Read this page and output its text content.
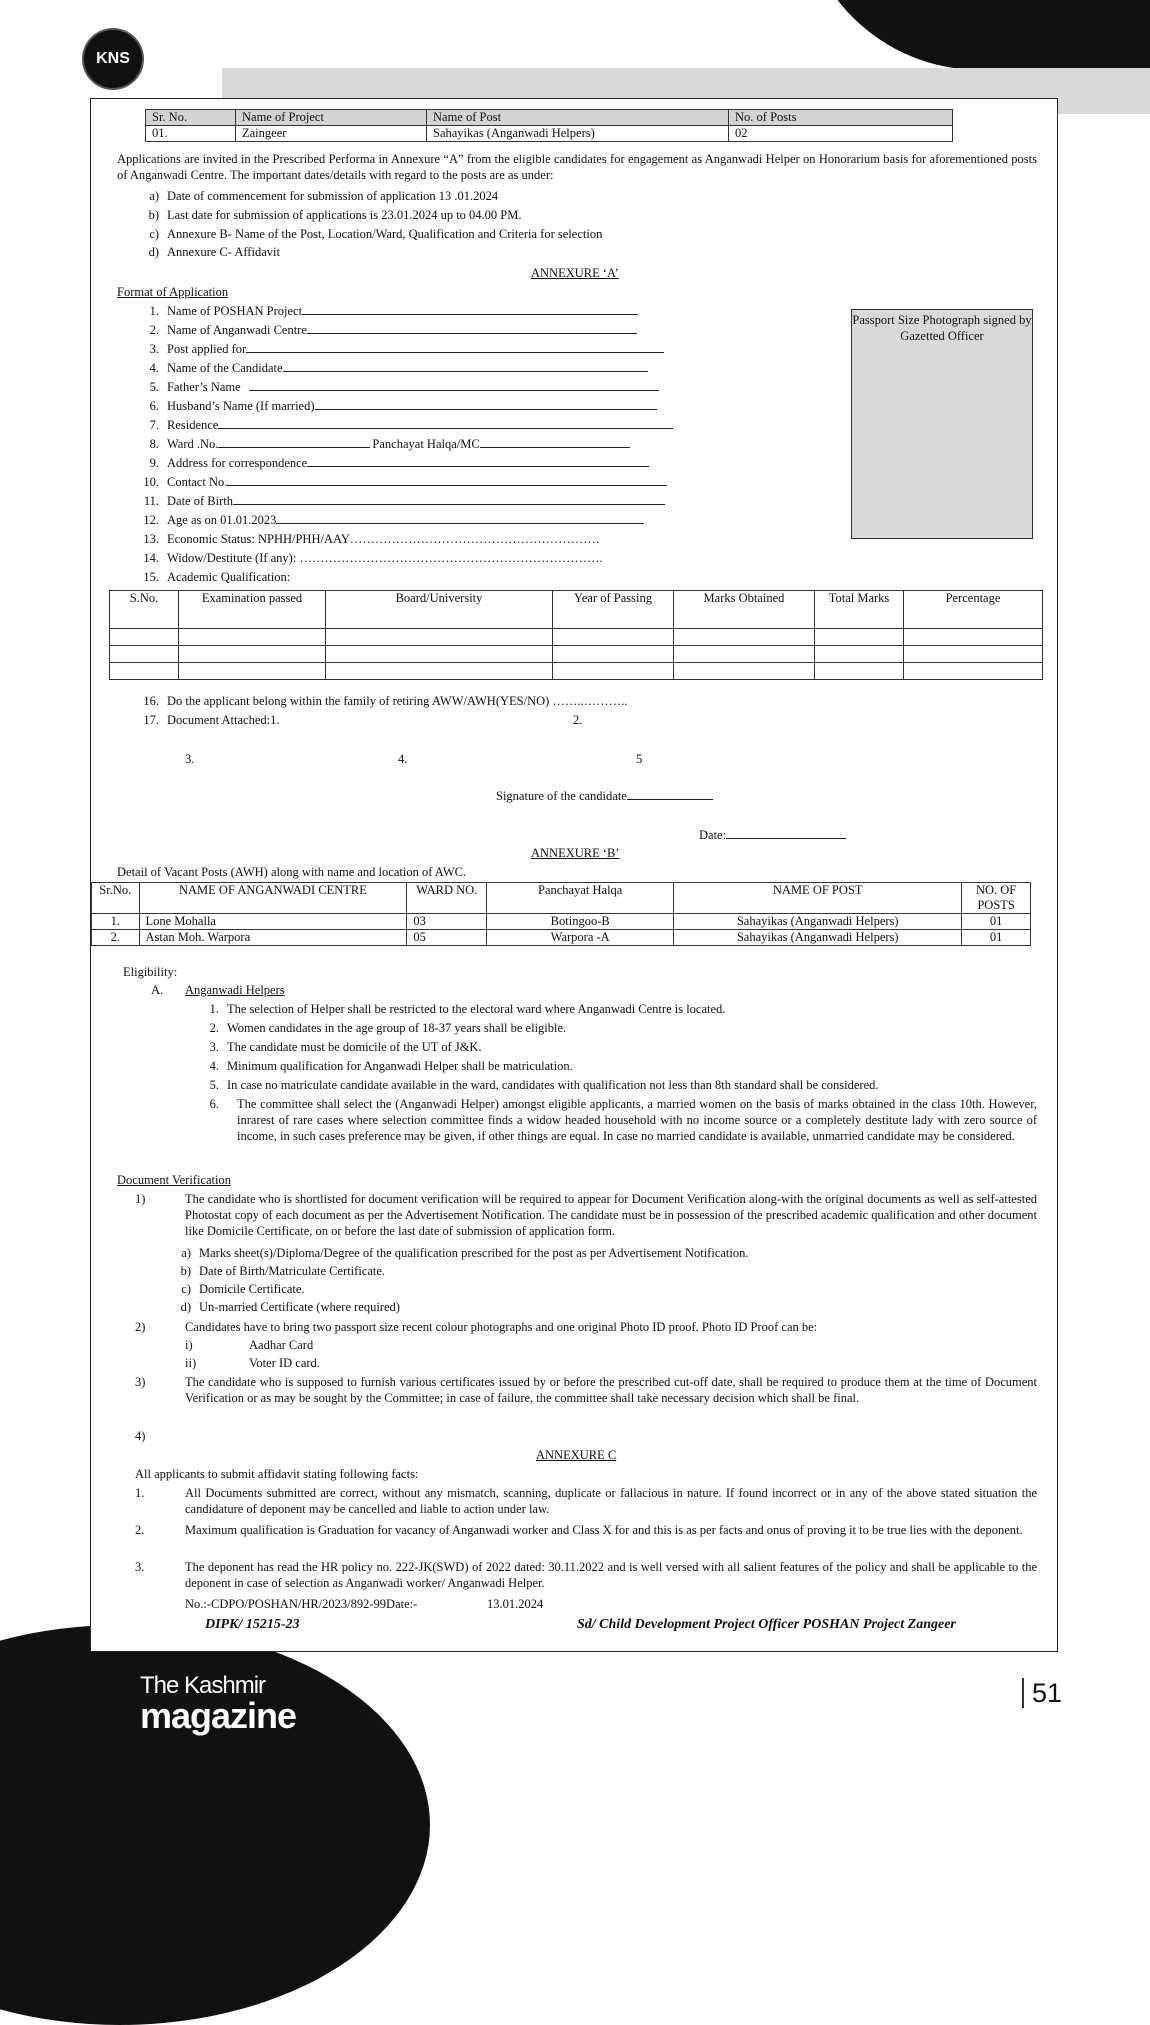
KNS
The Kashmir
magazine
51
Sr. No.	Name of Project	Name of Post	No. of Posts
01.	Zaingeer	Sahayikas (Anganwadi Helpers)	02
Applications are invited in the Prescribed Performa in Annexure “A” from the eligible candidates for engagement as Anganwadi Helper on Honorarium basis for aforementioned posts of Anganwadi Centre. The important dates/details with regard to the posts are as under:
a) Date of commencement for submission of application 13 .01.2024
b) Last date for submission of applications is 23.01.2024 up to 04.00 PM.
c) Annexure B- Name of the Post, Location/Ward, Qualification and Criteria for selection
d) Annexure C- Affidavit
ANNEXURE ‘A’
Format of Application
Passport Size Photograph signed by Gazetted Officer
1. Name of POSHAN Project
2. Name of Anganwadi Centre
3. Post applied for
4. Name of the Candidate
5. Father’s Name
6. Husband’s Name (If married)
7. Residence
8. Ward .No.	Panchayat Halqa/MC
9. Address for correspondence
10. Contact No.
11. Date of Birth
12. Age as on 01.01.2023
13. Economic Status: NPHH/PHH/AAY……………………………………………………
14. Widow/Destitute (If any): ……………………………………………………………….
15. Academic Qualification:
S.No.	Examination passed	Board/University	Year of Passing	Marks Obtained	Total Marks	Percentage

16. Do the applicant belong within the family of retiring AWW/AWH(YES/NO) ……..………..
17. Document Attached:1.	2.
3.	4.	5
Signature of the candidate
Date:
ANNEXURE ‘B’
Detail of Vacant Posts (AWH) along with name and location of AWC.
Sr.No.	NAME OF ANGANWADI CENTRE	WARD NO.	Panchayat Halqa	NAME OF POST	NO. OF POSTS
1.	Lone Mohalla	03	Botingoo-B	Sahayikas (Anganwadi Helpers)	01
2.	Astan Moh. Warpora	05	Warpora -A	Sahayikas (Anganwadi Helpers)	01
Eligibility:
A. Anganwadi Helpers
1. The selection of Helper shall be restricted to the electoral ward where Anganwadi Centre is located.
2. Women candidates in the age group of 18-37 years shall be eligible.
3. The candidate must be domicile of the UT of J&K.
4. Minimum qualification for Anganwadi Helper shall be matriculation.
5. In case no matriculate candidate available in the ward, candidates with qualification not less than 8th standard shall be considered.
6.	The committee shall select the (Anganwadi Helper) amongst eligible applicants, a married women on the basis of marks obtained in the class 10th. However, inrarest of rare cases where selection committee finds a widow headed household with no income source or a completely destitute lady with zero source of income, in such cases preference may be given, if other things are equal. In case no married candidate is available, unmarried candidate may be considered.
Document Verification
1)	The candidate who is shortlisted for document verification will be required to appear for Document Verification along-with the original documents as well as self-attested Photostat copy of each document as per the Advertisement Notification. The candidate must be in possession of the prescribed academic qualification and other document like Domicile Certificate, on or before the last date of submission of application form.
a) Marks sheet(s)/Diploma/Degree of the qualification prescribed for the post as per Advertisement Notification.
b) Date of Birth/Matriculate Certificate.
c) Domicile Certificate.
d) Un-married Certificate (where required)
2)	Candidates have to bring two passport size recent colour photographs and one original Photo ID proof. Photo ID Proof can be:
i)	Aadhar Card
ii)	Voter ID card.
3)	The candidate who is supposed to furnish various certificates issued by or before the prescribed cut-off date, shall be required to produce them at the time of Document Verification or as may be sought by the Committee; in case of failure, the committee shall take necessary decision which shall be final.
4)
ANNEXURE C
All applicants to submit affidavit stating following facts:
1.	All Documents submitted are correct, without any mismatch, scanning, duplicate or fallacious in nature. If found incorrect or in any of the above stated situation the candidature of deponent may be cancelled and liable to action under law.
2.	Maximum qualification is Graduation for vacancy of Anganwadi worker and Class X for and this is as per facts and onus of proving it to be true lies with the deponent.
3.	The deponent has read the HR policy no. 222-JK(SWD) of 2022 dated: 30.11.2022 and is well versed with all salient features of the policy and shall be applicable to the deponent in case of selection as Anganwadi worker/ Anganwadi Helper.
No.:-CDPO/POSHAN/HR/2023/892-99Date:-	13.01.2024
DIPK/ 15215-23	Sd/ Child Development Project Officer POSHAN Project Zangeer
